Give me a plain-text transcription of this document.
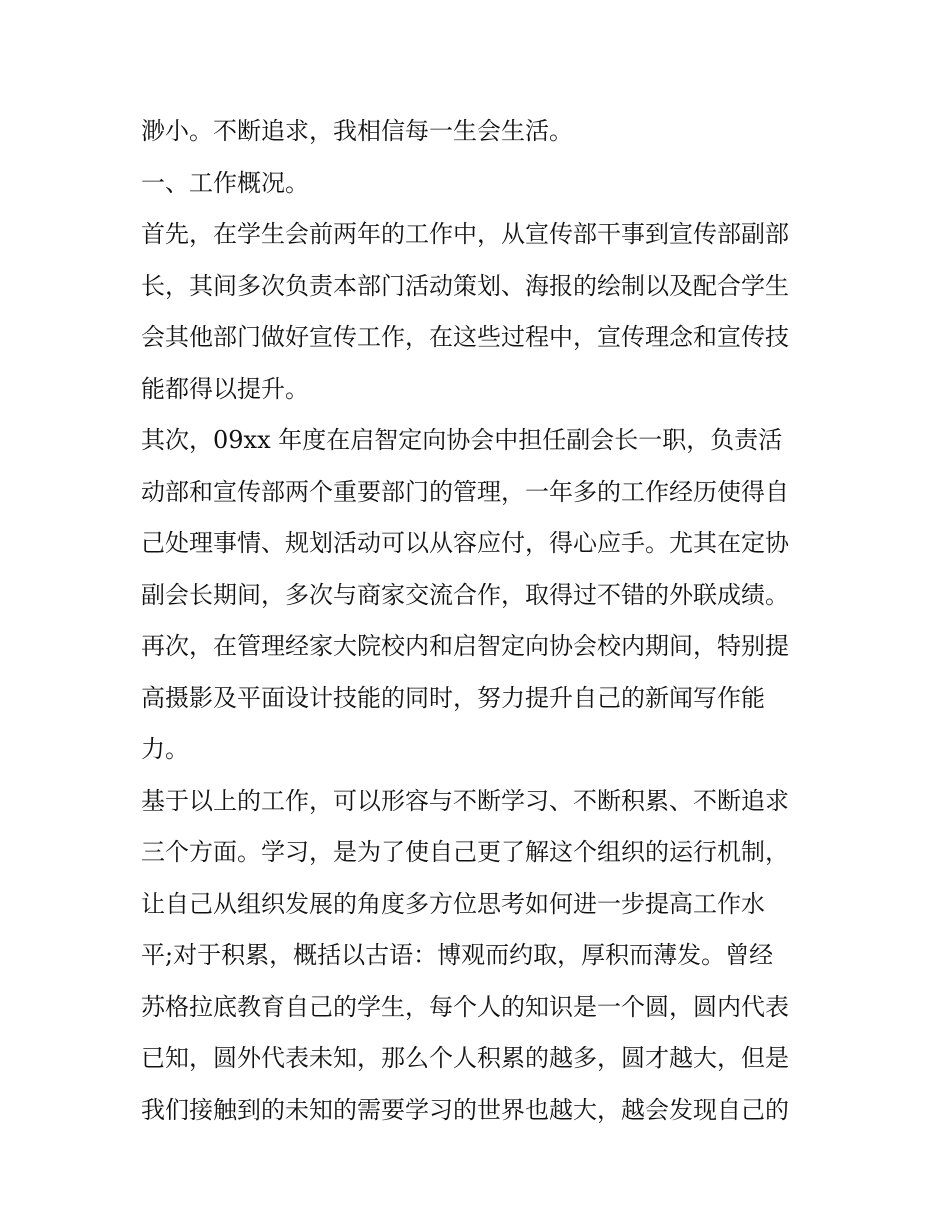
渺小。不断追求，我相信每一生会生活。
一、工作概况。
首先，在学生会前两年的工作中，从宣传部干事到宣传部副部
长，其间多次负责本部门活动策划、海报的绘制以及配合学生
会其他部门做好宣传工作，在这些过程中，宣传理念和宣传技
能都得以提升。
其次，09xx 年度在启智定向协会中担任副会长一职，负责活
动部和宣传部两个重要部门的管理，一年多的工作经历使得自
己处理事情、规划活动可以从容应付，得心应手。尤其在定协
副会长期间，多次与商家交流合作，取得过不错的外联成绩。
再次，在管理经家大院校内和启智定向协会校内期间，特别提
高摄影及平面设计技能的同时，努力提升自己的新闻写作能
力。
基于以上的工作，可以形容与不断学习、不断积累、不断追求
三个方面。学习，是为了使自己更了解这个组织的运行机制，
让自己从组织发展的角度多方位思考如何进一步提高工作水
平;对于积累，概括以古语：博观而约取，厚积而薄发。曾经
苏格拉底教育自己的学生，每个人的知识是一个圆，圆内代表
已知，圆外代表未知，那么个人积累的越多，圆才越大，但是
我们接触到的未知的需要学习的世界也越大，越会发现自己的
